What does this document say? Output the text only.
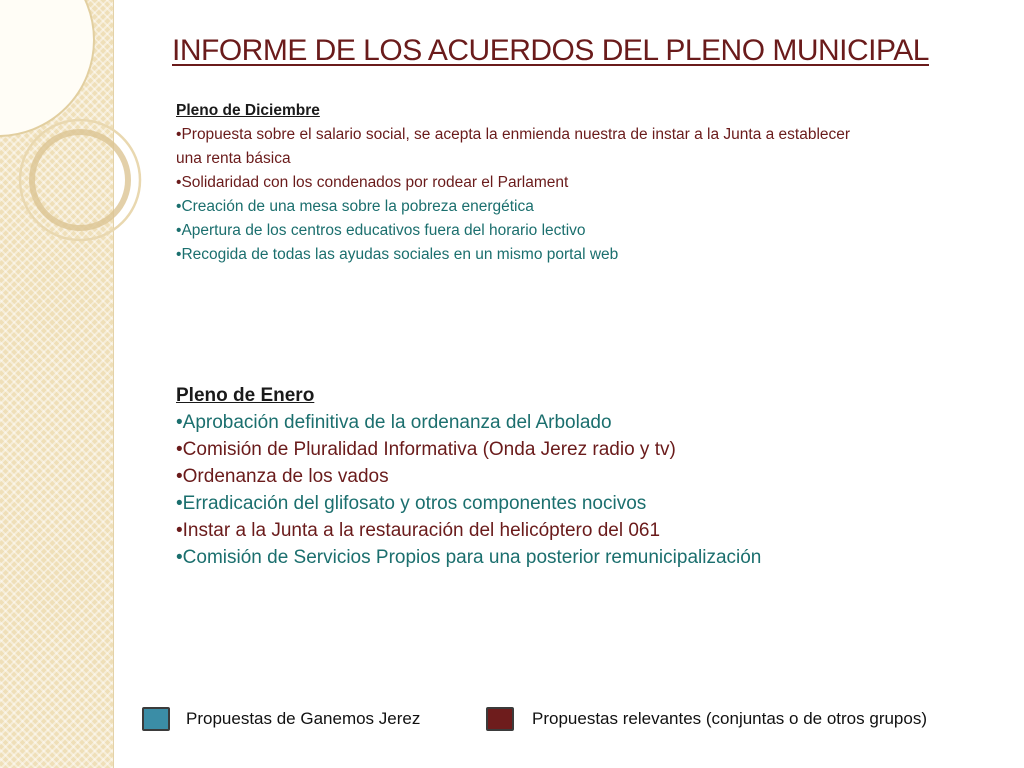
INFORME DE LOS ACUERDOS DEL PLENO MUNICIPAL
Pleno de Diciembre
• Propuesta sobre el salario social, se acepta la enmienda nuestra de instar a la Junta a establecer una renta básica
• Solidaridad con los condenados por rodear el Parlament
• Creación de una mesa sobre la pobreza energética
• Apertura de los centros educativos fuera del horario lectivo
• Recogida de todas las ayudas sociales en un mismo portal web
Pleno de Enero
• Aprobación definitiva de la ordenanza del Arbolado
• Comisión de Pluralidad Informativa (Onda Jerez radio y tv)
• Ordenanza de los vados
• Erradicación del glifosato y otros componentes nocivos
• Instar a la Junta a la restauración del helicóptero del 061
• Comisión de Servicios Propios para una posterior remunicipalización
Propuestas de Ganemos Jerez	Propuestas relevantes (conjuntas o de otros grupos)
